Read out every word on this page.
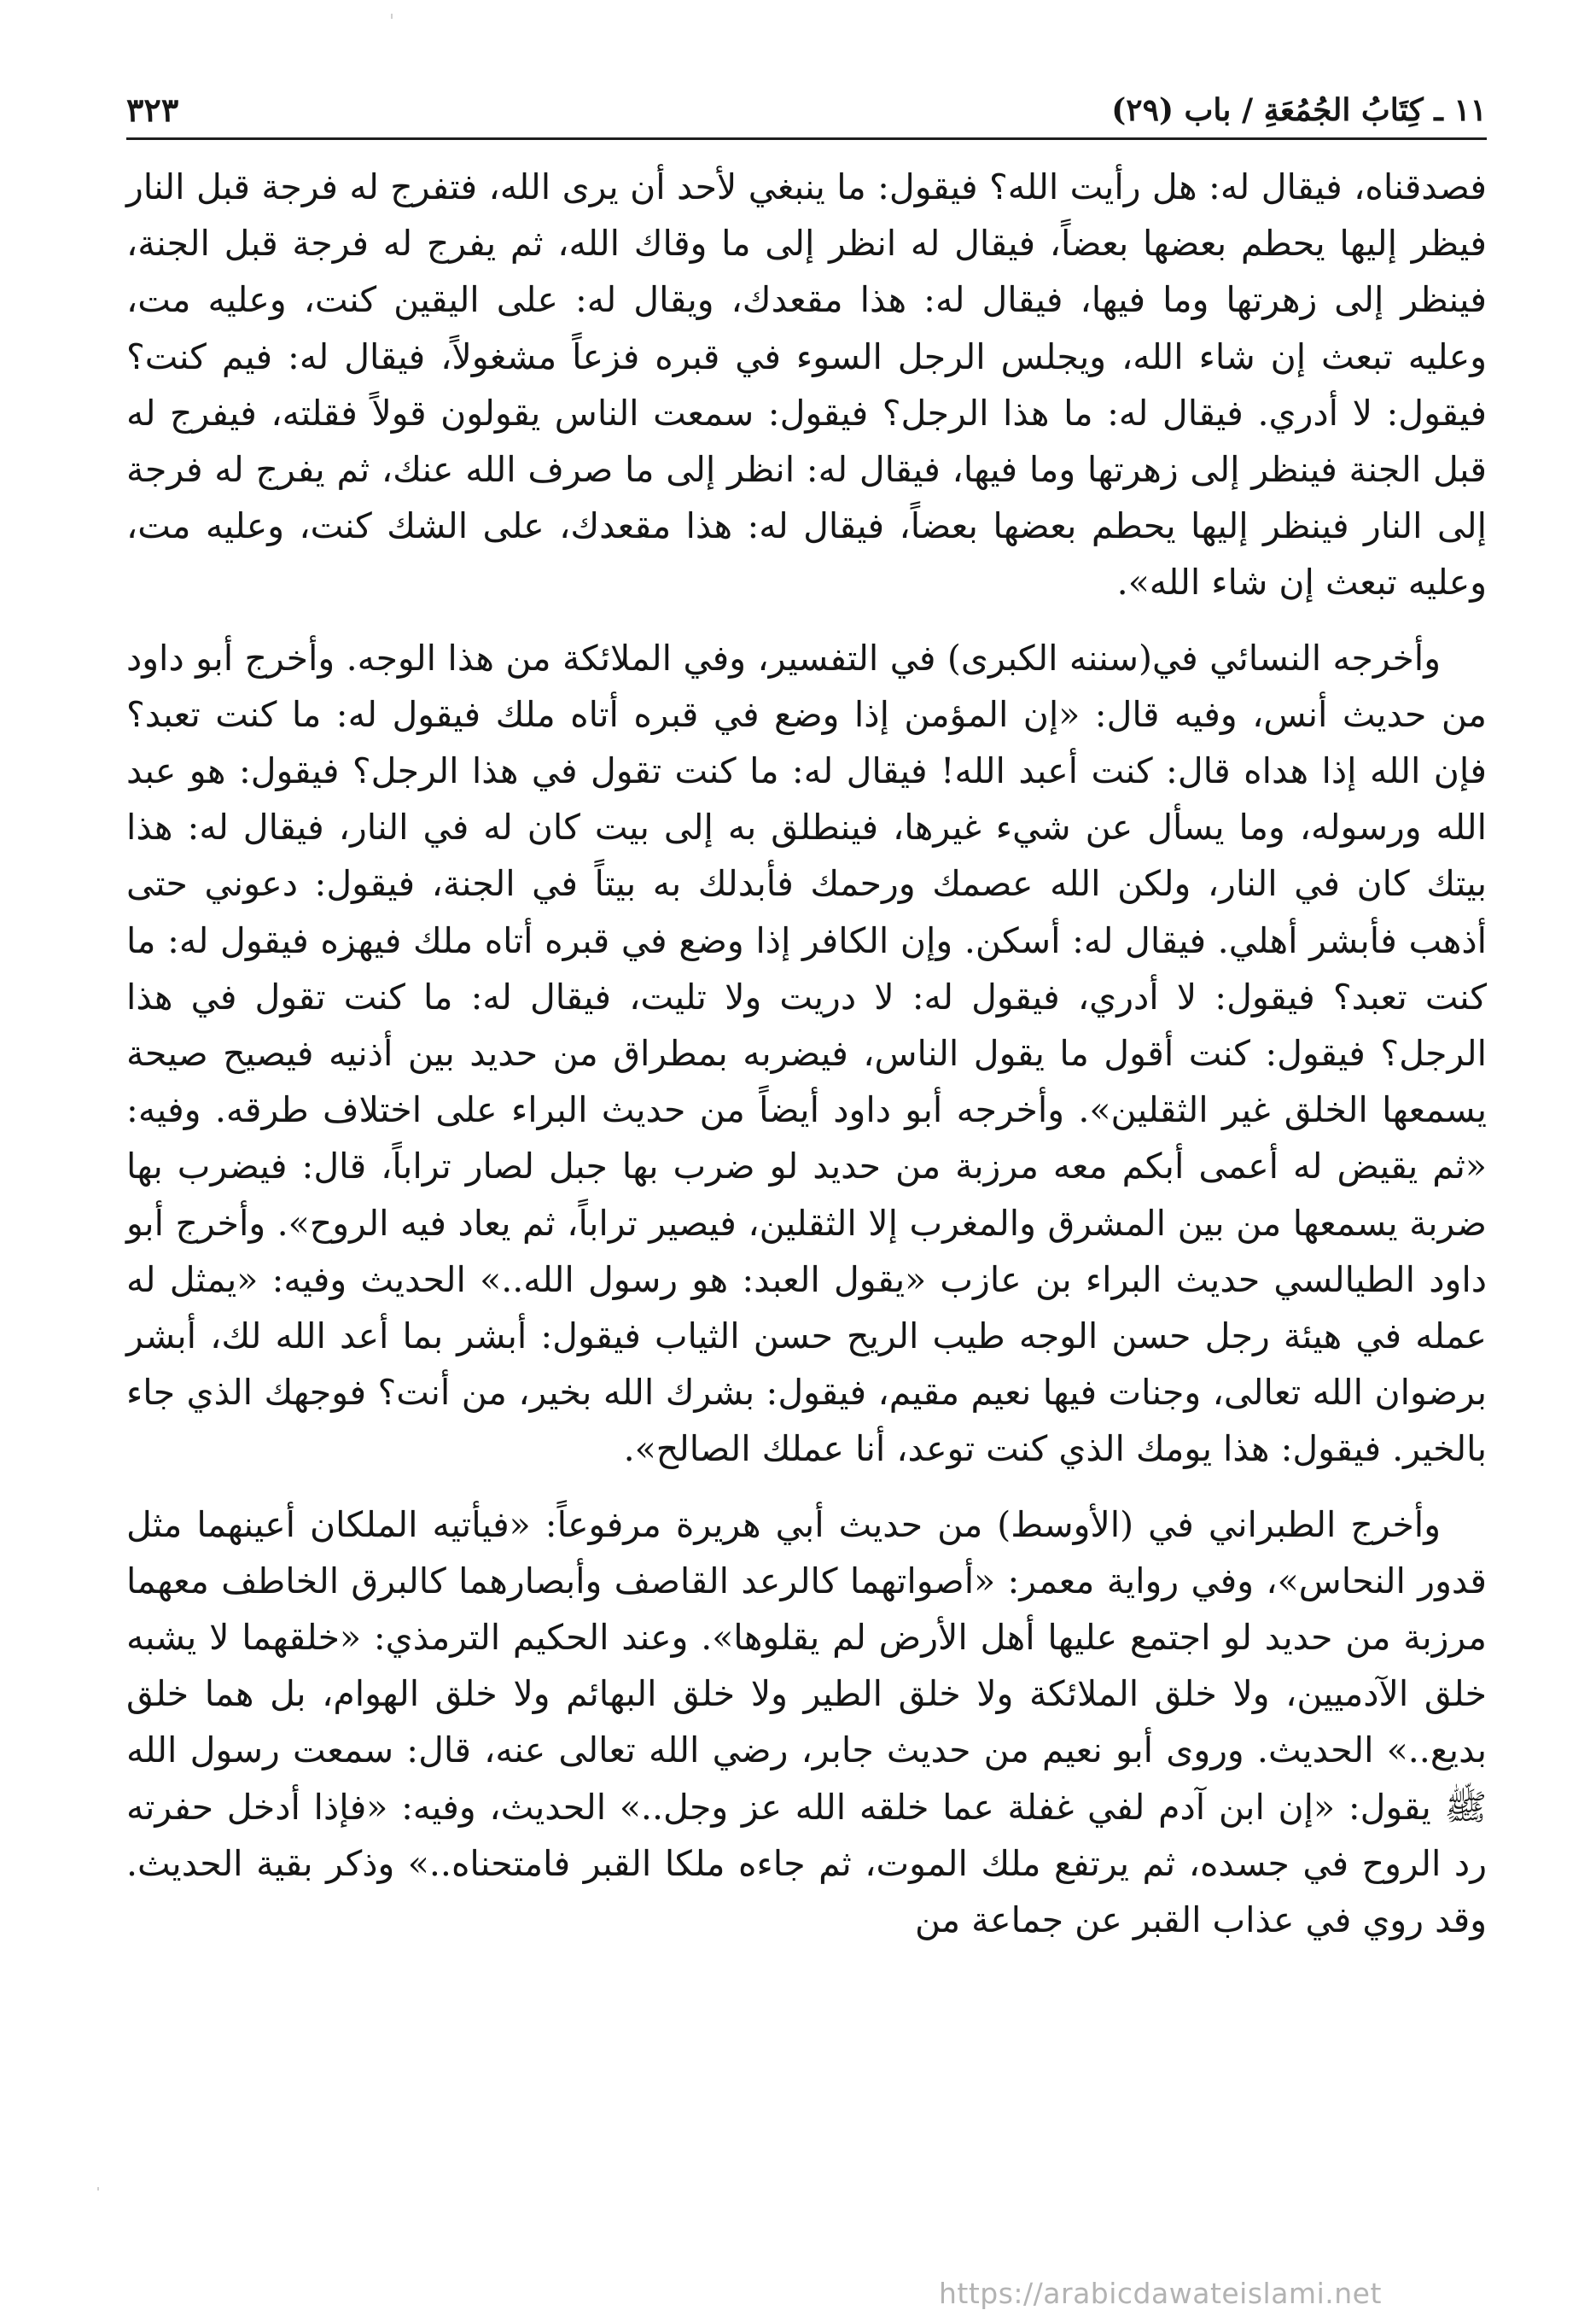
١١ ـ كِتَابُ الجُمُعَةِ / باب (٢٩)
٣٢٣

فصدقناه، فيقال له: هل رأيت الله؟ فيقول: ما ينبغي لأحد أن يرى الله، فتفرج له فرجة قبل النار فيظر إليها يحطم بعضها بعضاً، فيقال له انظر إلى ما وقاك الله، ثم يفرج له فرجة قبل الجنة، فينظر إلى زهرتها وما فيها، فيقال له: هذا مقعدك، ويقال له: على اليقين كنت، وعليه مت، وعليه تبعث إن شاء الله، ويجلس الرجل السوء في قبره فزعاً مشغولاً، فيقال له: فيم كنت؟ فيقول: لا أدري. فيقال له: ما هذا الرجل؟ فيقول: سمعت الناس يقولون قولاً فقلته، فيفرج له قبل الجنة فينظر إلى زهرتها وما فيها، فيقال له: انظر إلى ما صرف الله عنك، ثم يفرج له فرجة إلى النار فينظر إليها يحطم بعضها بعضاً، فيقال له: هذا مقعدك، على الشك كنت، وعليه مت، وعليه تبعث إن شاء الله».

وأخرجه النسائي في(سننه الكبرى) في التفسير، وفي الملائكة من هذا الوجه. وأخرج أبو داود من حديث أنس، وفيه قال: «إن المؤمن إذا وضع في قبره أتاه ملك فيقول له: ما كنت تعبد؟ فإن الله إذا هداه قال: كنت أعبد الله! فيقال له: ما كنت تقول في هذا الرجل؟ فيقول: هو عبد الله ورسوله، وما يسأل عن شيء غيرها، فينطلق به إلى بيت كان له في النار، فيقال له: هذا بيتك كان في النار، ولكن الله عصمك ورحمك فأبدلك به بيتاً في الجنة، فيقول: دعوني حتى أذهب فأبشر أهلي. فيقال له: أسكن. وإن الكافر إذا وضع في قبره أتاه ملك فيهزه فيقول له: ما كنت تعبد؟ فيقول: لا أدري، فيقول له: لا دريت ولا تليت، فيقال له: ما كنت تقول في هذا الرجل؟ فيقول: كنت أقول ما يقول الناس، فيضربه بمطراق من حديد بين أذنيه فيصيح صيحة يسمعها الخلق غير الثقلين». وأخرجه أبو داود أيضاً من حديث البراء على اختلاف طرقه. وفيه: «ثم يقيض له أعمى أبكم معه مرزبة من حديد لو ضرب بها جبل لصار تراباً، قال: فيضرب بها ضربة يسمعها من بين المشرق والمغرب إلا الثقلين، فيصير تراباً، ثم يعاد فيه الروح». وأخرج أبو داود الطيالسي حديث البراء بن عازب «يقول العبد: هو رسول الله..» الحديث وفيه: «يمثل له عمله في هيئة رجل حسن الوجه طيب الريح حسن الثياب فيقول: أبشر بما أعد الله لك، أبشر برضوان الله تعالى، وجنات فيها نعيم مقيم، فيقول: بشرك الله بخير، من أنت؟ فوجهك الذي جاء بالخير. فيقول: هذا يومك الذي كنت توعد، أنا عملك الصالح».

وأخرج الطبراني في (الأوسط) من حديث أبي هريرة مرفوعاً: «فيأتيه الملكان أعينهما مثل قدور النحاس»، وفي رواية معمر: «أصواتهما كالرعد القاصف وأبصارهما كالبرق الخاطف معهما مرزبة من حديد لو اجتمع عليها أهل الأرض لم يقلوها». وعند الحكيم الترمذي: «خلقهما لا يشبه خلق الآدميين، ولا خلق الملائكة ولا خلق الطير ولا خلق البهائم ولا خلق الهوام، بل هما خلق بديع..» الحديث. وروى أبو نعيم من حديث جابر، رضي الله تعالى عنه، قال: سمعت رسول الله ﷺ يقول: «إن ابن آدم لفي غفلة عما خلقه الله عز وجل..» الحديث، وفيه: «فإذا أدخل حفرته رد الروح في جسده، ثم يرتفع ملك الموت، ثم جاءه ملكا القبر فامتحناه..» وذكر بقية الحديث. وقد روي في عذاب القبر عن جماعة من

https://arabicdawateislami.net
